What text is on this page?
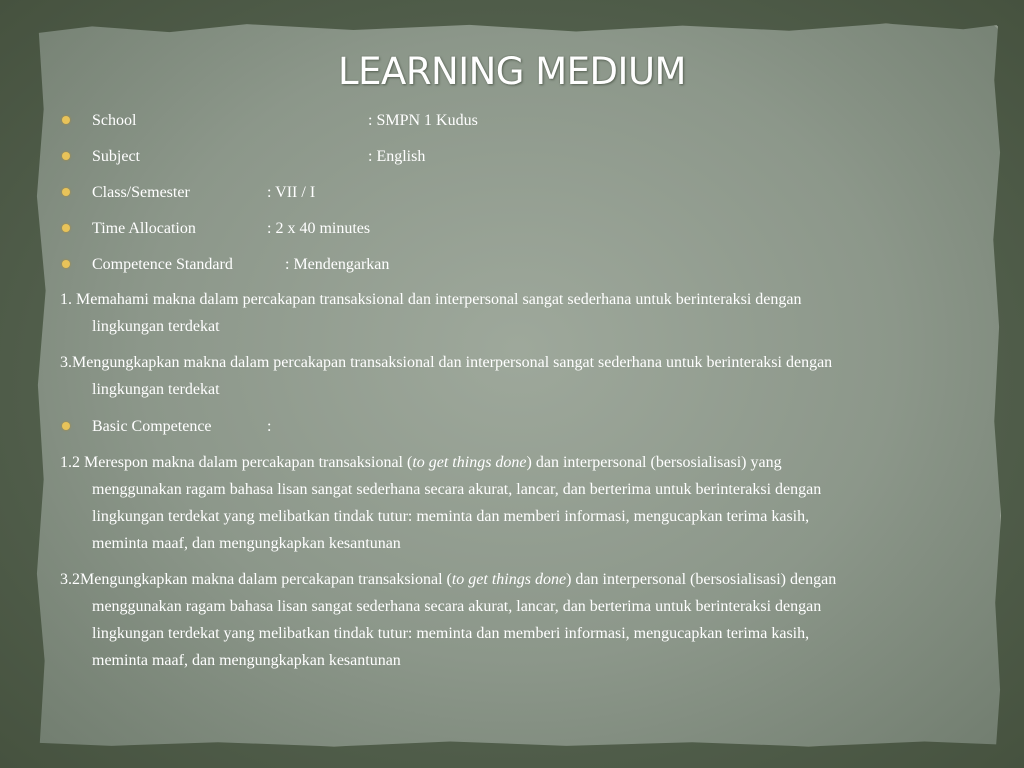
LEARNING MEDIUM
School	: SMPN 1 Kudus
Subject	: English
Class/Semester	: VII / I
Time Allocation	: 2 x 40 minutes
Competence Standard	: Mendengarkan
1. Memahami makna dalam percakapan transaksional dan interpersonal sangat sederhana untuk berinteraksi dengan
lingkungan terdekat
3.Mengungkapkan makna dalam percakapan transaksional dan interpersonal sangat sederhana untuk berinteraksi dengan
lingkungan terdekat
Basic Competence	:
1.2 Merespon makna dalam percakapan transaksional (to get things done) dan interpersonal (bersosialisasi) yang
menggunakan ragam bahasa lisan sangat sederhana secara akurat, lancar, dan berterima untuk berinteraksi dengan
lingkungan terdekat yang melibatkan tindak tutur: meminta dan memberi informasi, mengucapkan terima kasih,
meminta maaf, dan mengungkapkan kesantunan
3.2Mengungkapkan makna dalam percakapan transaksional (to get things done) dan interpersonal (bersosialisasi) dengan
menggunakan ragam bahasa lisan sangat sederhana secara akurat, lancar, dan berterima untuk berinteraksi dengan
lingkungan terdekat yang melibatkan tindak tutur: meminta dan memberi informasi, mengucapkan terima kasih,
meminta maaf, dan mengungkapkan kesantunan
